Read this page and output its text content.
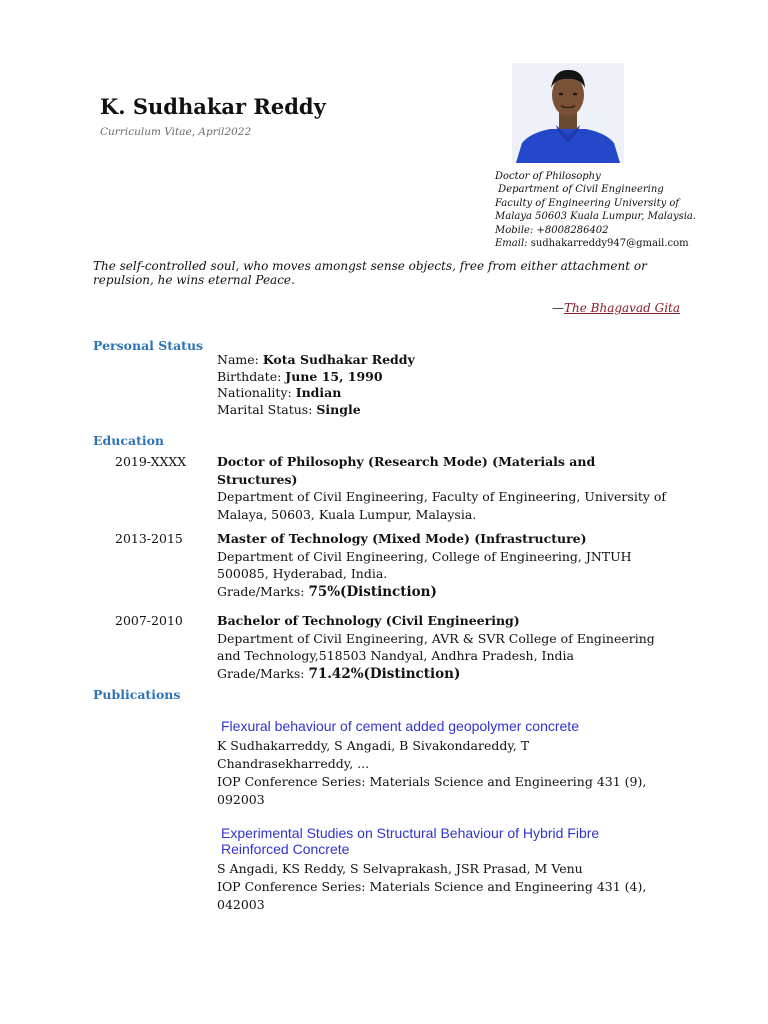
K. Sudhakar Reddy
Curriculum Vitae, April2022
Doctor of Philosophy
Department of Civil Engineering
Faculty of Engineering University of
Malaya 50603 Kuala Lumpur, Malaysia.
Mobile: +8008286402
Email: sudhakarreddy947@gmail.com
The self-controlled soul, who moves amongst sense objects, free from either attachment or repulsion, he wins eternal Peace.
—The Bhagavad Gita
Personal Status
Name: Kota Sudhakar Reddy
Birthdate: June 15, 1990
Nationality: Indian
Marital Status: Single
Education
2019-XXXX Doctor of Philosophy (Research Mode) (Materials and Structures)
Department of Civil Engineering, Faculty of Engineering, University of Malaya, 50603, Kuala Lumpur, Malaysia.
2013-2015	Master of Technology (Mixed Mode) (Infrastructure)
Department of Civil Engineering, College of Engineering, JNTUH 500085, Hyderabad, India.
Grade/Marks: 75%(Distinction)
2007-2010	Bachelor of Technology (Civil Engineering)
Department of Civil Engineering, AVR & SVR College of Engineering and Technology,518503 Nandyal, Andhra Pradesh, India
Grade/Marks: 71.42%(Distinction)
Publications
Flexural behaviour of cement added geopolymer concrete
K Sudhakarreddy, S Angadi, B Sivakondareddy, T Chandrasekharreddy, ...
IOP Conference Series: Materials Science and Engineering 431 (9), 092003
Experimental Studies on Structural Behaviour of Hybrid Fibre Reinforced Concrete
S Angadi, KS Reddy, S Selvaprakash, JSR Prasad, M Venu
IOP Conference Series: Materials Science and Engineering 431 (4), 042003
